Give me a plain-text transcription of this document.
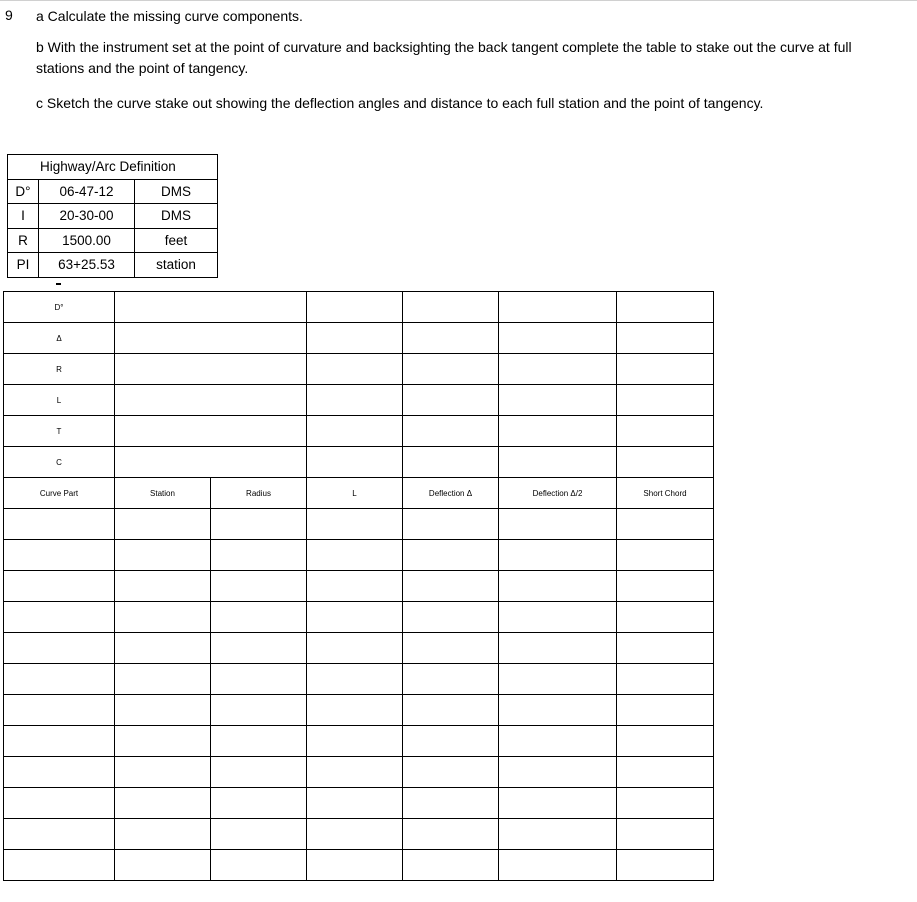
9 a Calculate the missing curve components.
b With the instrument set at the point of curvature and backsighting the back tangent complete the table to stake out the curve at full stations and the point of tangency.
c Sketch the curve stake out showing the deflection angles and distance to each full station and the point of tangency.
Highway/Arc Definition		
D°	06-47-12	DMS
I	20-30-00	DMS
R	1500.00	feet
PI	63+25.53	station
D°						
Δ						
R						
L						
T						
C						
Curve Part	Station	Radius	L	Deflection Δ	Deflection Δ/2	Short Chord
